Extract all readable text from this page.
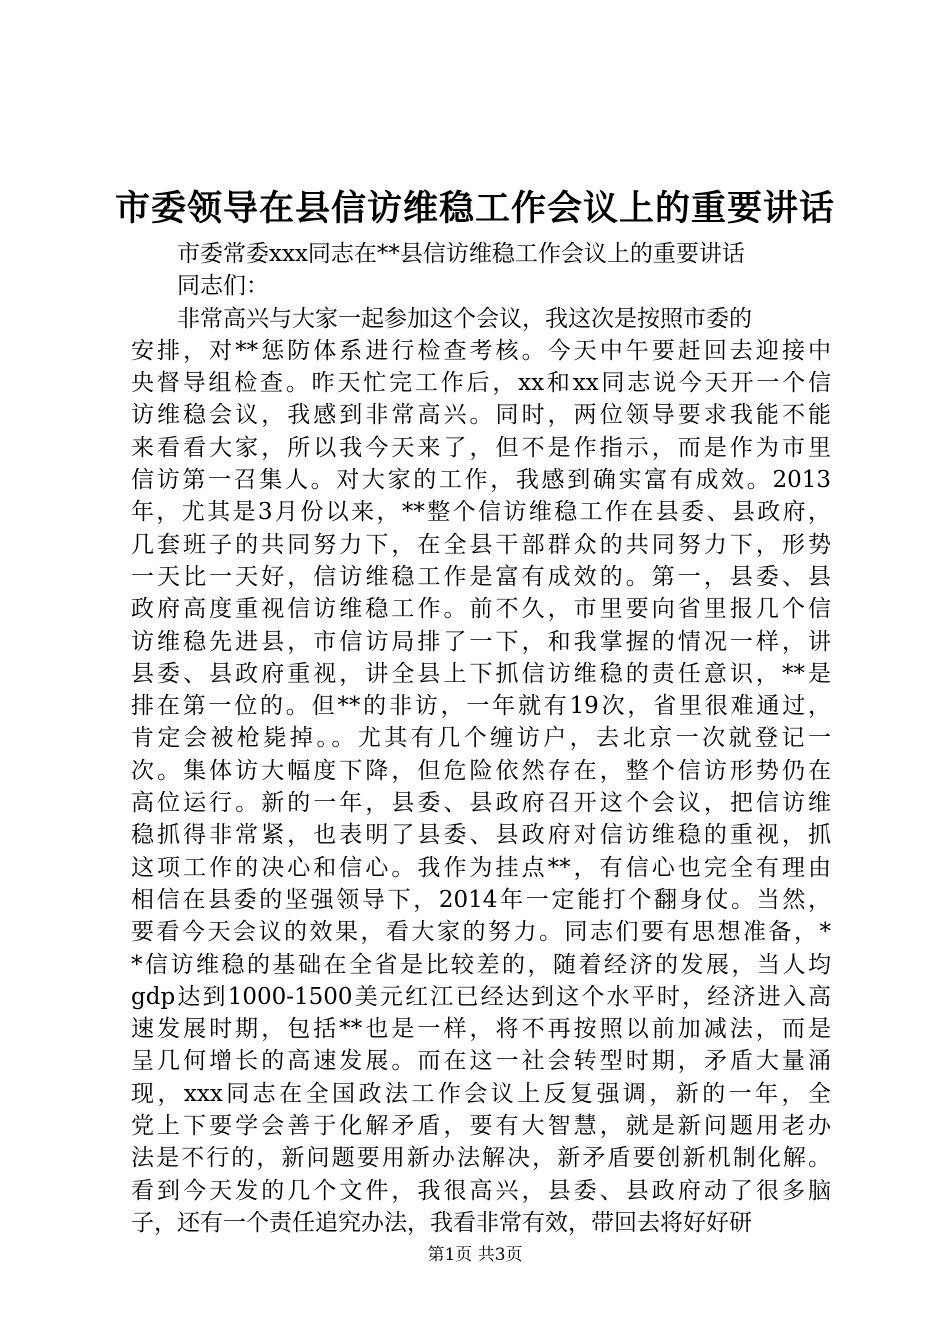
市委领导在县信访维稳工作会议上的重要讲话
市委常委xxx同志在**县信访维稳工作会议上的重要讲话
同志们：
非常高兴与大家一起参加这个会议，我这次是按照市委的
安排，对**惩防体系进行检查考核。今天中午要赶回去迎接中
央督导组检查。昨天忙完工作后，xx和xx同志说今天开一个信
访维稳会议，我感到非常高兴。同时，两位领导要求我能不能
来看看大家，所以我今天来了，但不是作指示，而是作为市里
信访第一召集人。对大家的工作，我感到确实富有成效。2013
年，尤其是3月份以来，**整个信访维稳工作在县委、县政府，
几套班子的共同努力下，在全县干部群众的共同努力下，形势
一天比一天好，信访维稳工作是富有成效的。第一，县委、县
政府高度重视信访维稳工作。前不久，市里要向省里报几个信
访维稳先进县，市信访局排了一下，和我掌握的情况一样，讲
县委、县政府重视，讲全县上下抓信访维稳的责任意识，**是
排在第一位的。但**的非访，一年就有19次，省里很难通过，
肯定会被枪毙掉。。尤其有几个缠访户，去北京一次就登记一
次。集体访大幅度下降，但危险依然存在，整个信访形势仍在
高位运行。新的一年，县委、县政府召开这个会议，把信访维
稳抓得非常紧，也表明了县委、县政府对信访维稳的重视，抓
这项工作的决心和信心。我作为挂点**，有信心也完全有理由
相信在县委的坚强领导下，2014年一定能打个翻身仗。当然，
要看今天会议的效果，看大家的努力。同志们要有思想准备，*
*信访维稳的基础在全省是比较差的，随着经济的发展，当人均
gdp达到1000-1500美元红江已经达到这个水平时，经济进入高
速发展时期，包括**也是一样，将不再按照以前加减法，而是
呈几何增长的高速发展。而在这一社会转型时期，矛盾大量涌
现，xxx同志在全国政法工作会议上反复强调，新的一年，全
党上下要学会善于化解矛盾，要有大智慧，就是新问题用老办
法是不行的，新问题要用新办法解决，新矛盾要创新机制化解。
看到今天发的几个文件，我很高兴，县委、县政府动了很多脑
子，还有一个责任追究办法，我看非常有效，带回去将好好研
第1页 共3页
